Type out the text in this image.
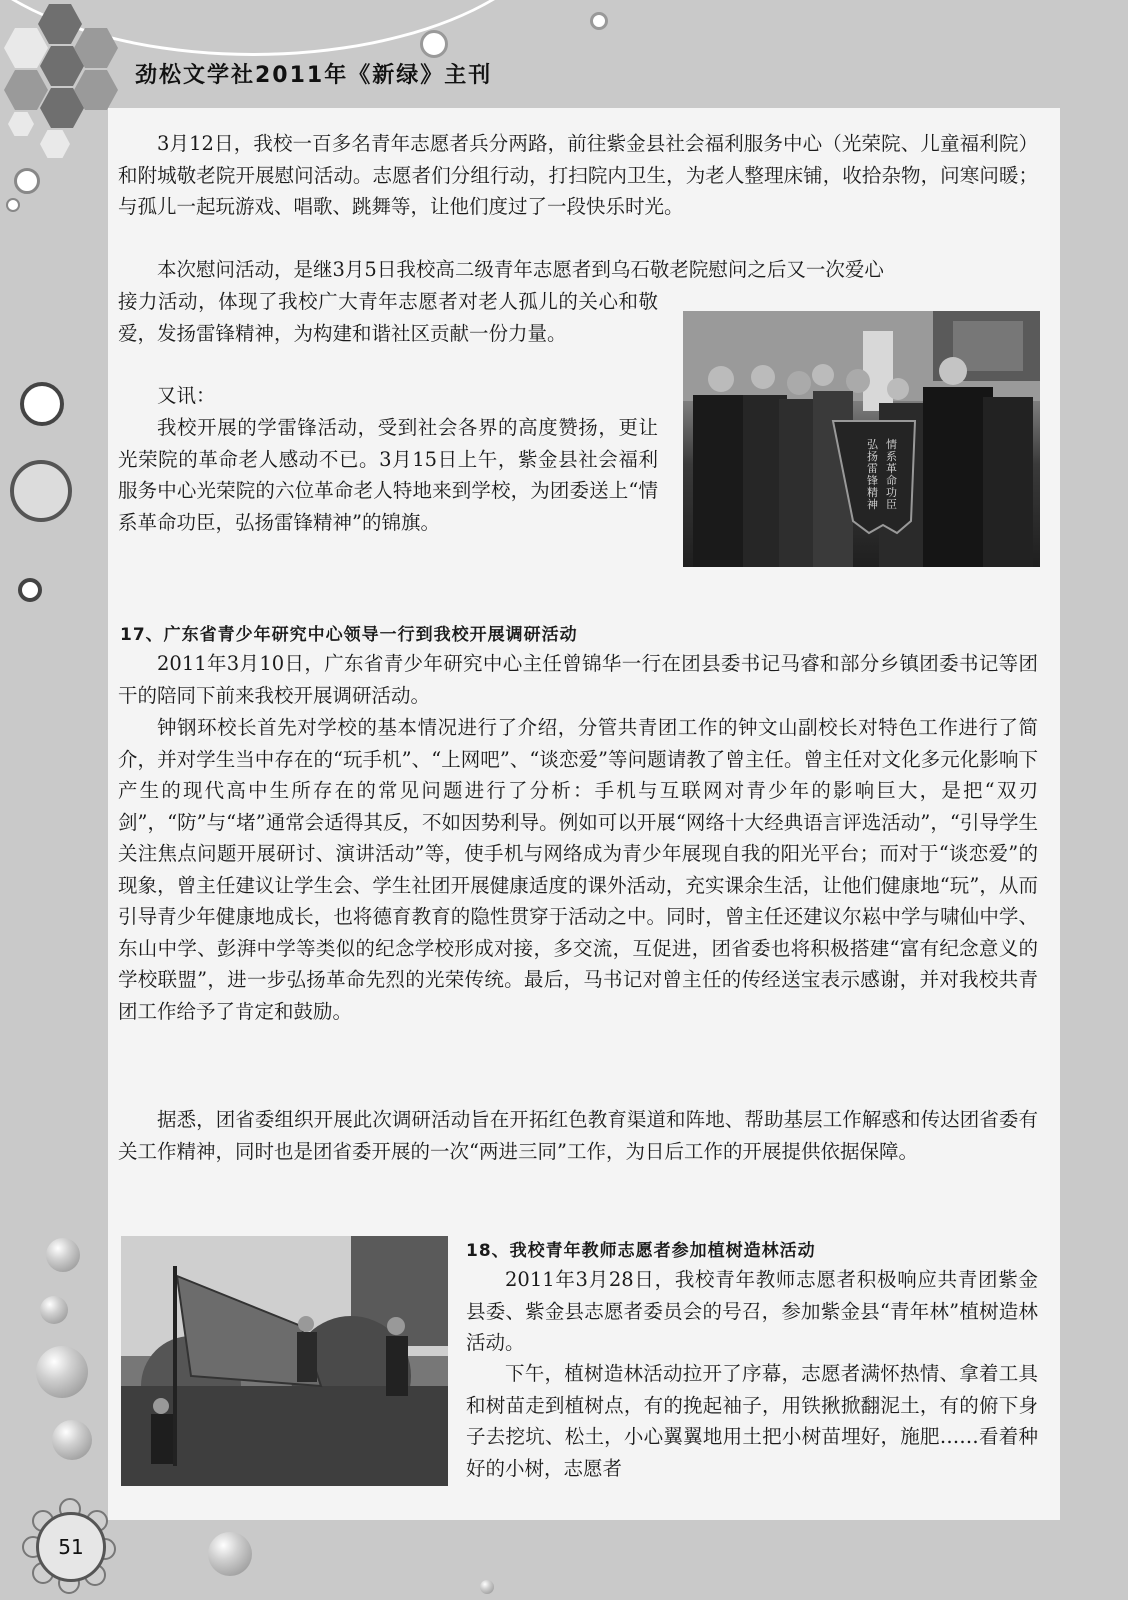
劲松文学社2011年《新绿》主刊

3月12日，我校一百多名青年志愿者兵分两路，前往紫金县社会福利服务中心（光荣院、儿童福利院）和附城敬老院开展慰问活动。志愿者们分组行动，打扫院内卫生，为老人整理床铺，收拾杂物，问寒问暖；与孤儿一起玩游戏、唱歌、跳舞等，让他们度过了一段快乐时光。

本次慰问活动，是继3月5日我校高二级青年志愿者到乌石敬老院慰问之后又一次爱心

接力活动，体现了我校广大青年志愿者对老人孤儿的关心和敬爱，发扬雷锋精神，为构建和谐社区贡献一份力量。

又讯：

我校开展的学雷锋活动，受到社会各界的高度赞扬，更让光荣院的革命老人感动不已。3月15日上午，紫金县社会福利服务中心光荣院的六位革命老人特地来到学校，为团委送上“情系革命功臣，弘扬雷锋精神”的锦旗。

情系革命功臣
弘扬雷锋精神
17、广东省青少年研究中心领导一行到我校开展调研活动

2011年3月10日，广东省青少年研究中心主任曾锦华一行在团县委书记马睿和部分乡镇团委书记等团干的陪同下前来我校开展调研活动。

钟钢环校长首先对学校的基本情况进行了介绍，分管共青团工作的钟文山副校长对特色工作进行了简介，并对学生当中存在的“玩手机”、“上网吧”、“谈恋爱”等问题请教了曾主任。曾主任对文化多元化影响下产生的现代高中生所存在的常见问题进行了分析：手机与互联网对青少年的影响巨大，是把“双刃剑”，“防”与“堵”通常会适得其反，不如因势利导。例如可以开展“网络十大经典语言评选活动”，“引导学生关注焦点问题开展研讨、演讲活动”等，使手机与网络成为青少年展现自我的阳光平台；而对于“谈恋爱”的现象，曾主任建议让学生会、学生社团开展健康适度的课外活动，充实课余生活，让他们健康地“玩”，从而引导青少年健康地成长，也将德育教育的隐性贯穿于活动之中。同时，曾主任还建议尔崧中学与啸仙中学、东山中学、彭湃中学等类似的纪念学校形成对接，多交流，互促进，团省委也将积极搭建“富有纪念意义的学校联盟”，进一步弘扬革命先烈的光荣传统。最后，马书记对曾主任的传经送宝表示感谢，并对我校共青团工作给予了肯定和鼓励。

据悉，团省委组织开展此次调研活动旨在开拓红色教育渠道和阵地、帮助基层工作解惑和传达团省委有关工作精神，同时也是团省委开展的一次“两进三同”工作，为日后工作的开展提供依据保障。

18、我校青年教师志愿者参加植树造林活动

2011年3月28日，我校青年教师志愿者积极响应共青团紫金县委、紫金县志愿者委员会的号召，参加紫金县“青年林”植树造林活动。

下午，植树造林活动拉开了序幕，志愿者满怀热情、拿着工具和树苗走到植树点，有的挽起袖子，用铁揪掀翻泥土，有的俯下身子去挖坑、松土，小心翼翼地用土把小树苗埋好，施肥……看着种好的小树，志愿者

51
